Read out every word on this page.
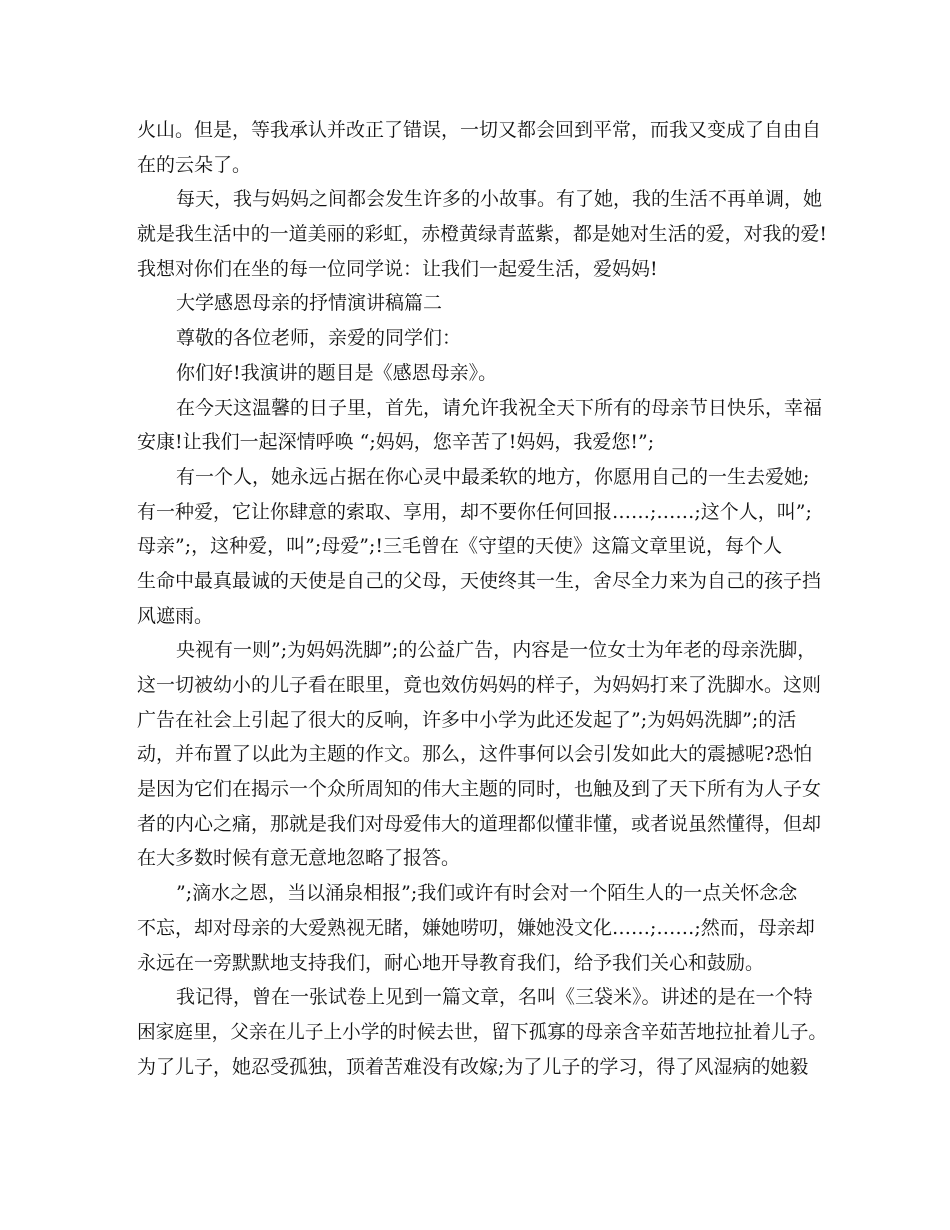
火山。但是，等我承认并改正了错误，一切又都会回到平常，而我又变成了自由自
在的云朵了。
每天，我与妈妈之间都会发生许多的小故事。有了她，我的生活不再单调，她
就是我生活中的一道美丽的彩虹，赤橙黄绿青蓝紫，都是她对生活的爱，对我的爱!
我想对你们在坐的每一位同学说：让我们一起爱生活，爱妈妈!
大学感恩母亲的抒情演讲稿篇二
尊敬的各位老师，亲爱的同学们：
你们好!我演讲的题目是《感恩母亲》。
在今天这温馨的日子里，首先，请允许我祝全天下所有的母亲节日快乐，幸福
安康!让我们一起深情呼唤 “;妈妈，您辛苦了!妈妈，我爱您!”;
有一个人，她永远占据在你心灵中最柔软的地方，你愿用自己的一生去爱她;
有一种爱，它让你肆意的索取、享用，却不要你任何回报……;……;这个人，叫”;
母亲”;，这种爱，叫”;母爱”;!三毛曾在《守望的天使》这篇文章里说，每个人
生命中最真最诚的天使是自己的父母，天使终其一生，舍尽全力来为自己的孩子挡
风遮雨。
央视有一则”;为妈妈洗脚”;的公益广告，内容是一位女士为年老的母亲洗脚，
这一切被幼小的儿子看在眼里，竟也效仿妈妈的样子，为妈妈打来了洗脚水。这则
广告在社会上引起了很大的反响，许多中小学为此还发起了”;为妈妈洗脚”;的活
动，并布置了以此为主题的作文。那么，这件事何以会引发如此大的震撼呢?恐怕
是因为它们在揭示一个众所周知的伟大主题的同时，也触及到了天下所有为人子女
者的内心之痛，那就是我们对母爱伟大的道理都似懂非懂，或者说虽然懂得，但却
在大多数时候有意无意地忽略了报答。
”;滴水之恩，当以涌泉相报”;我们或许有时会对一个陌生人的一点关怀念念
不忘，却对母亲的大爱熟视无睹，嫌她唠叨，嫌她没文化……;……;然而，母亲却
永远在一旁默默地支持我们，耐心地开导教育我们，给予我们关心和鼓励。
我记得，曾在一张试卷上见到一篇文章，名叫《三袋米》。讲述的是在一个特
困家庭里，父亲在儿子上小学的时候去世，留下孤寡的母亲含辛茹苦地拉扯着儿子。
为了儿子，她忍受孤独，顶着苦难没有改嫁;为了儿子的学习，得了风湿病的她毅
